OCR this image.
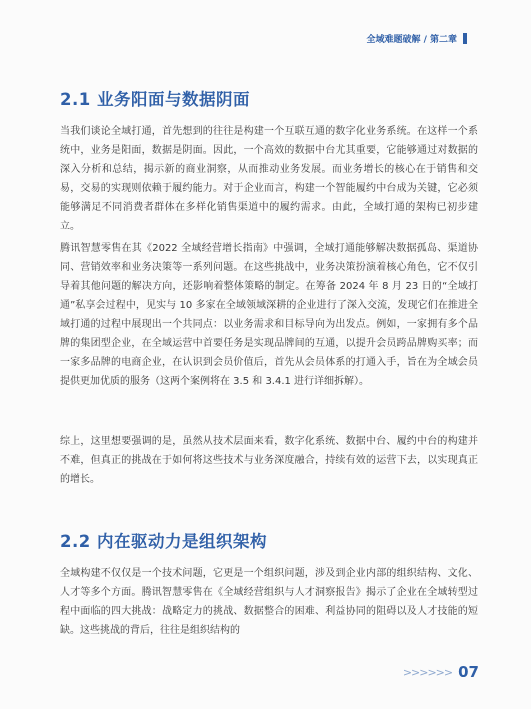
全域难题破解 / 第二章
2.1 业务阳面与数据阴面
当我们谈论全域打通，首先想到的往往是构建一个互联互通的数字化业务系统。在这样一个系统中，业务是阳面，数据是阴面。因此，一个高效的数据中台尤其重要，它能够通过对数据的深入分析和总结，揭示新的商业洞察，从而推动业务发展。而业务增长的核心在于销售和交易，交易的实现则依赖于履约能力。对于企业而言，构建一个智能履约中台成为关键，它必须能够满足不同消费者群体在多样化销售渠道中的履约需求。由此，全域打通的架构已初步建立。
腾讯智慧零售在其《2022 全域经营增长指南》中强调，全域打通能够解决数据孤岛、渠道协同、营销效率和业务决策等一系列问题。在这些挑战中，业务决策扮演着核心角色，它不仅引导着其他问题的解决方向，还影响着整体策略的制定。在筹备 2024 年 8 月 23 日的“全域打通”私享会过程中，见实与 10 多家在全域领域深耕的企业进行了深入交流，发现它们在推进全域打通的过程中展现出一个共同点：以业务需求和目标导向为出发点。例如，一家拥有多个品牌的集团型企业，在全域运营中首要任务是实现品牌间的互通，以提升会员跨品牌购买率；而一家多品牌的电商企业，在认识到会员价值后，首先从会员体系的打通入手，旨在为全域会员提供更加优质的服务（这两个案例将在 3.5 和 3.4.1 进行详细拆解）。
综上，这里想要强调的是，虽然从技术层面来看，数字化系统、数据中台、履约中台的构建并不难，但真正的挑战在于如何将这些技术与业务深度融合，持续有效的运营下去，以实现真正的增长。
2.2 内在驱动力是组织架构
全域构建不仅仅是一个技术问题，它更是一个组织问题，涉及到企业内部的组织结构、文化、人才等多个方面。腾讯智慧零售在《全域经营组织与人才洞察报告》揭示了企业在全域转型过程中面临的四大挑战：战略定力的挑战、数据整合的困难、利益协同的阻碍以及人才技能的短缺。这些挑战的背后，往往是组织结构的
>>>>>> 07
